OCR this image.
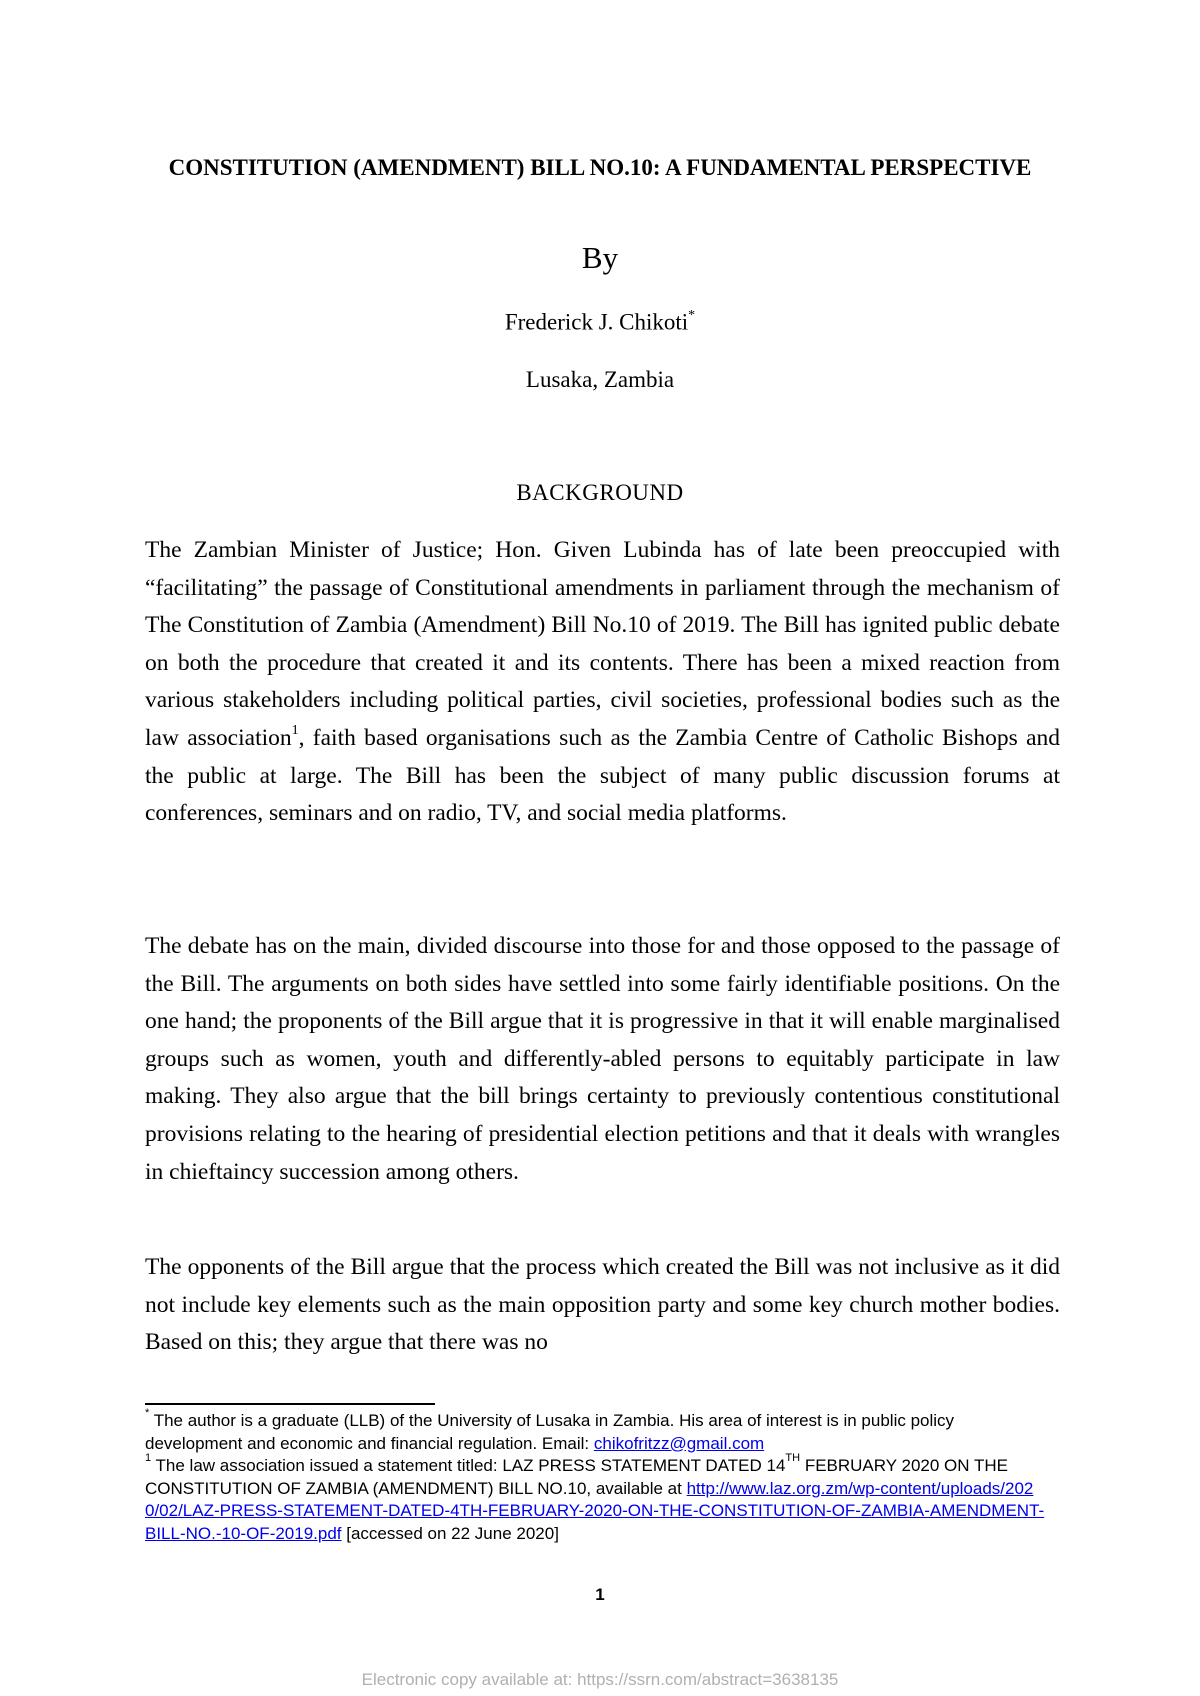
CONSTITUTION (AMENDMENT) BILL NO.10: A FUNDAMENTAL PERSPECTIVE
By
Frederick J. Chikoti*
Lusaka, Zambia
BACKGROUND

The Zambian Minister of Justice; Hon. Given Lubinda has of late been preoccupied with “facilitating” the passage of Constitutional amendments in parliament through the mechanism of The Constitution of Zambia (Amendment) Bill No.10 of 2019. The Bill has ignited public debate on both the procedure that created it and its contents. There has been a mixed reaction from various stakeholders including political parties, civil societies, professional bodies such as the law association$^1$, faith based organisations such as the Zambia Centre of Catholic Bishops and the public at large. The Bill has been the subject of many public discussion forums at conferences, seminars and on radio, TV, and social media platforms.

The debate has on the main, divided discourse into those for and those opposed to the passage of the Bill. The arguments on both sides have settled into some fairly identifiable positions. On the one hand; the proponents of the Bill argue that it is progressive in that it will enable marginalised groups such as women, youth and differently-abled persons to equitably participate in law making. They also argue that the bill brings certainty to previously contentious constitutional provisions relating to the hearing of presidential election petitions and that it deals with wrangles in chieftaincy succession among others.

The opponents of the Bill argue that the process which created the Bill was not inclusive as it did not include key elements such as the main opposition party and some key church mother bodies. Based on this; they argue that there was no

* The author is a graduate (LLB) of the University of Lusaka in Zambia. His area of interest is in public policy development and economic and financial regulation. Email: chikofritzz@gmail.com

$^1$ The law association issued a statement titled: LAZ PRESS STATEMENT DATED 14TH FEBRUARY 2020 ON THE CONSTITUTION OF ZAMBIA (AMENDMENT) BILL NO.10, available at http://www.laz.org.zm/wp-content/uploads/2020/02/LAZ-PRESS-STATEMENT-DATED-4TH-FEBRUARY-2020-ON-THE-CONSTITUTION-OF-ZAMBIA-AMENDMENT-BILL-NO.-10-OF-2019.pdf [accessed on 22 June 2020]

1
Electronic copy available at: https://ssrn.com/abstract=3638135
